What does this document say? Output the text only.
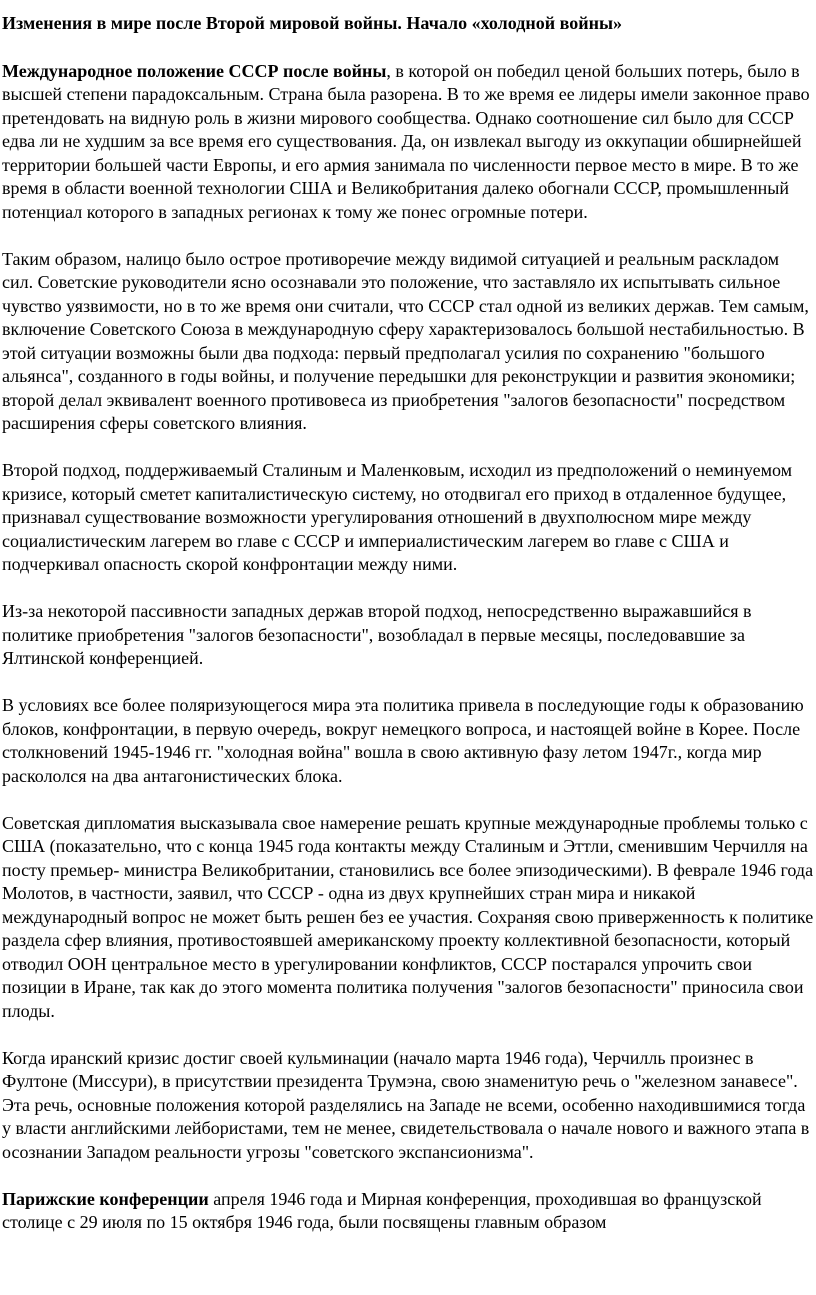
Изменения в мире после Второй мировой войны. Начало «холодной войны»

Международное положение СССР после войны, в которой он победил ценой больших потерь, было в высшей степени парадоксальным. Страна была разорена. В то же время ее лидеры имели законное право претендовать на видную роль в жизни мирового сообщества. Однако соотношение сил было для СССР едва ли не худшим за все время его существования. Да, он извлекал выгоду из оккупации обширнейшей территории большей части Европы, и его армия занимала по численности первое место в мире. В то же время в области военной технологии США и Великобритания далеко обогнали СССР, промышленный потенциал которого в западных регионах к тому же понес огромные потери.

Таким образом, налицо было острое противоречие между видимой ситуацией и реальным раскладом сил. Советские руководители ясно осознавали это положение, что заставляло их испытывать сильное чувство уязвимости, но в то же время они считали, что СССР стал одной из великих держав. Тем самым, включение Советского Союза в международную сферу характеризовалось большой нестабильностью. В этой ситуации возможны были два подхода: первый предполагал усилия по сохранению "большого альянса", созданного в годы войны, и получение передышки для реконструкции и развития экономики; второй делал эквивалент военного противовеса из приобретения "залогов безопасности" посредством расширения сферы советского влияния.

Второй подход, поддерживаемый Сталиным и Маленковым, исходил из предположений о неминуемом кризисе, который сметет капиталистическую систему, но отодвигал его приход в отдаленное будущее, признавал существование возможности урегулирования отношений в двухполюсном мире между социалистическим лагерем во главе с СССР и империалистическим лагерем во главе с США и подчеркивал опасность скорой конфронтации между ними.

Из-за некоторой пассивности западных держав второй подход, непосредственно выражавшийся в политике приобретения "залогов безопасности", возобладал в первые месяцы, последовавшие за Ялтинской конференцией.

В условиях все более поляризующегося мира эта политика привела в последующие годы к образованию блоков, конфронтации, в первую очередь, вокруг немецкого вопроса, и настоящей войне в Корее. После столкновений 1945-1946 гг. "холодная война" вошла в свою активную фазу летом 1947г., когда мир раскололся на два антагонистических блока.

Советская дипломатия высказывала свое намерение решать крупные международные проблемы только с США (показательно, что с конца 1945 года контакты между Сталиным и Эттли, сменившим Черчилля на посту премьер- министра Великобритании, становились все более эпизодическими). В феврале 1946 года Молотов, в частности, заявил, что СССР - одна из двух крупнейших стран мира и никакой международный вопрос не может быть решен без ее участия. Сохраняя свою приверженность к политике раздела сфер влияния, противостоявшей американскому проекту коллективной безопасности, который отводил ООН центральное место в урегулировании конфликтов, СССР постарался упрочить свои позиции в Иране, так как до этого момента политика получения "залогов безопасности" приносила свои плоды.

Когда иранский кризис достиг своей кульминации (начало марта 1946 года), Черчилль произнес в Фултоне (Миссури), в присутствии президента Трумэна, свою знаменитую речь о "железном занавесе". Эта речь, основные положения которой разделялись на Западе не всеми, особенно находившимися тогда у власти английскими лейбористами, тем не менее, свидетельствовала о начале нового и важного этапа в осознании Западом реальности угрозы "советского экспансионизма".

Парижские конференции апреля 1946 года и Мирная конференция, проходившая во французской столице с 29 июля по 15 октября 1946 года, были посвящены главным образом
